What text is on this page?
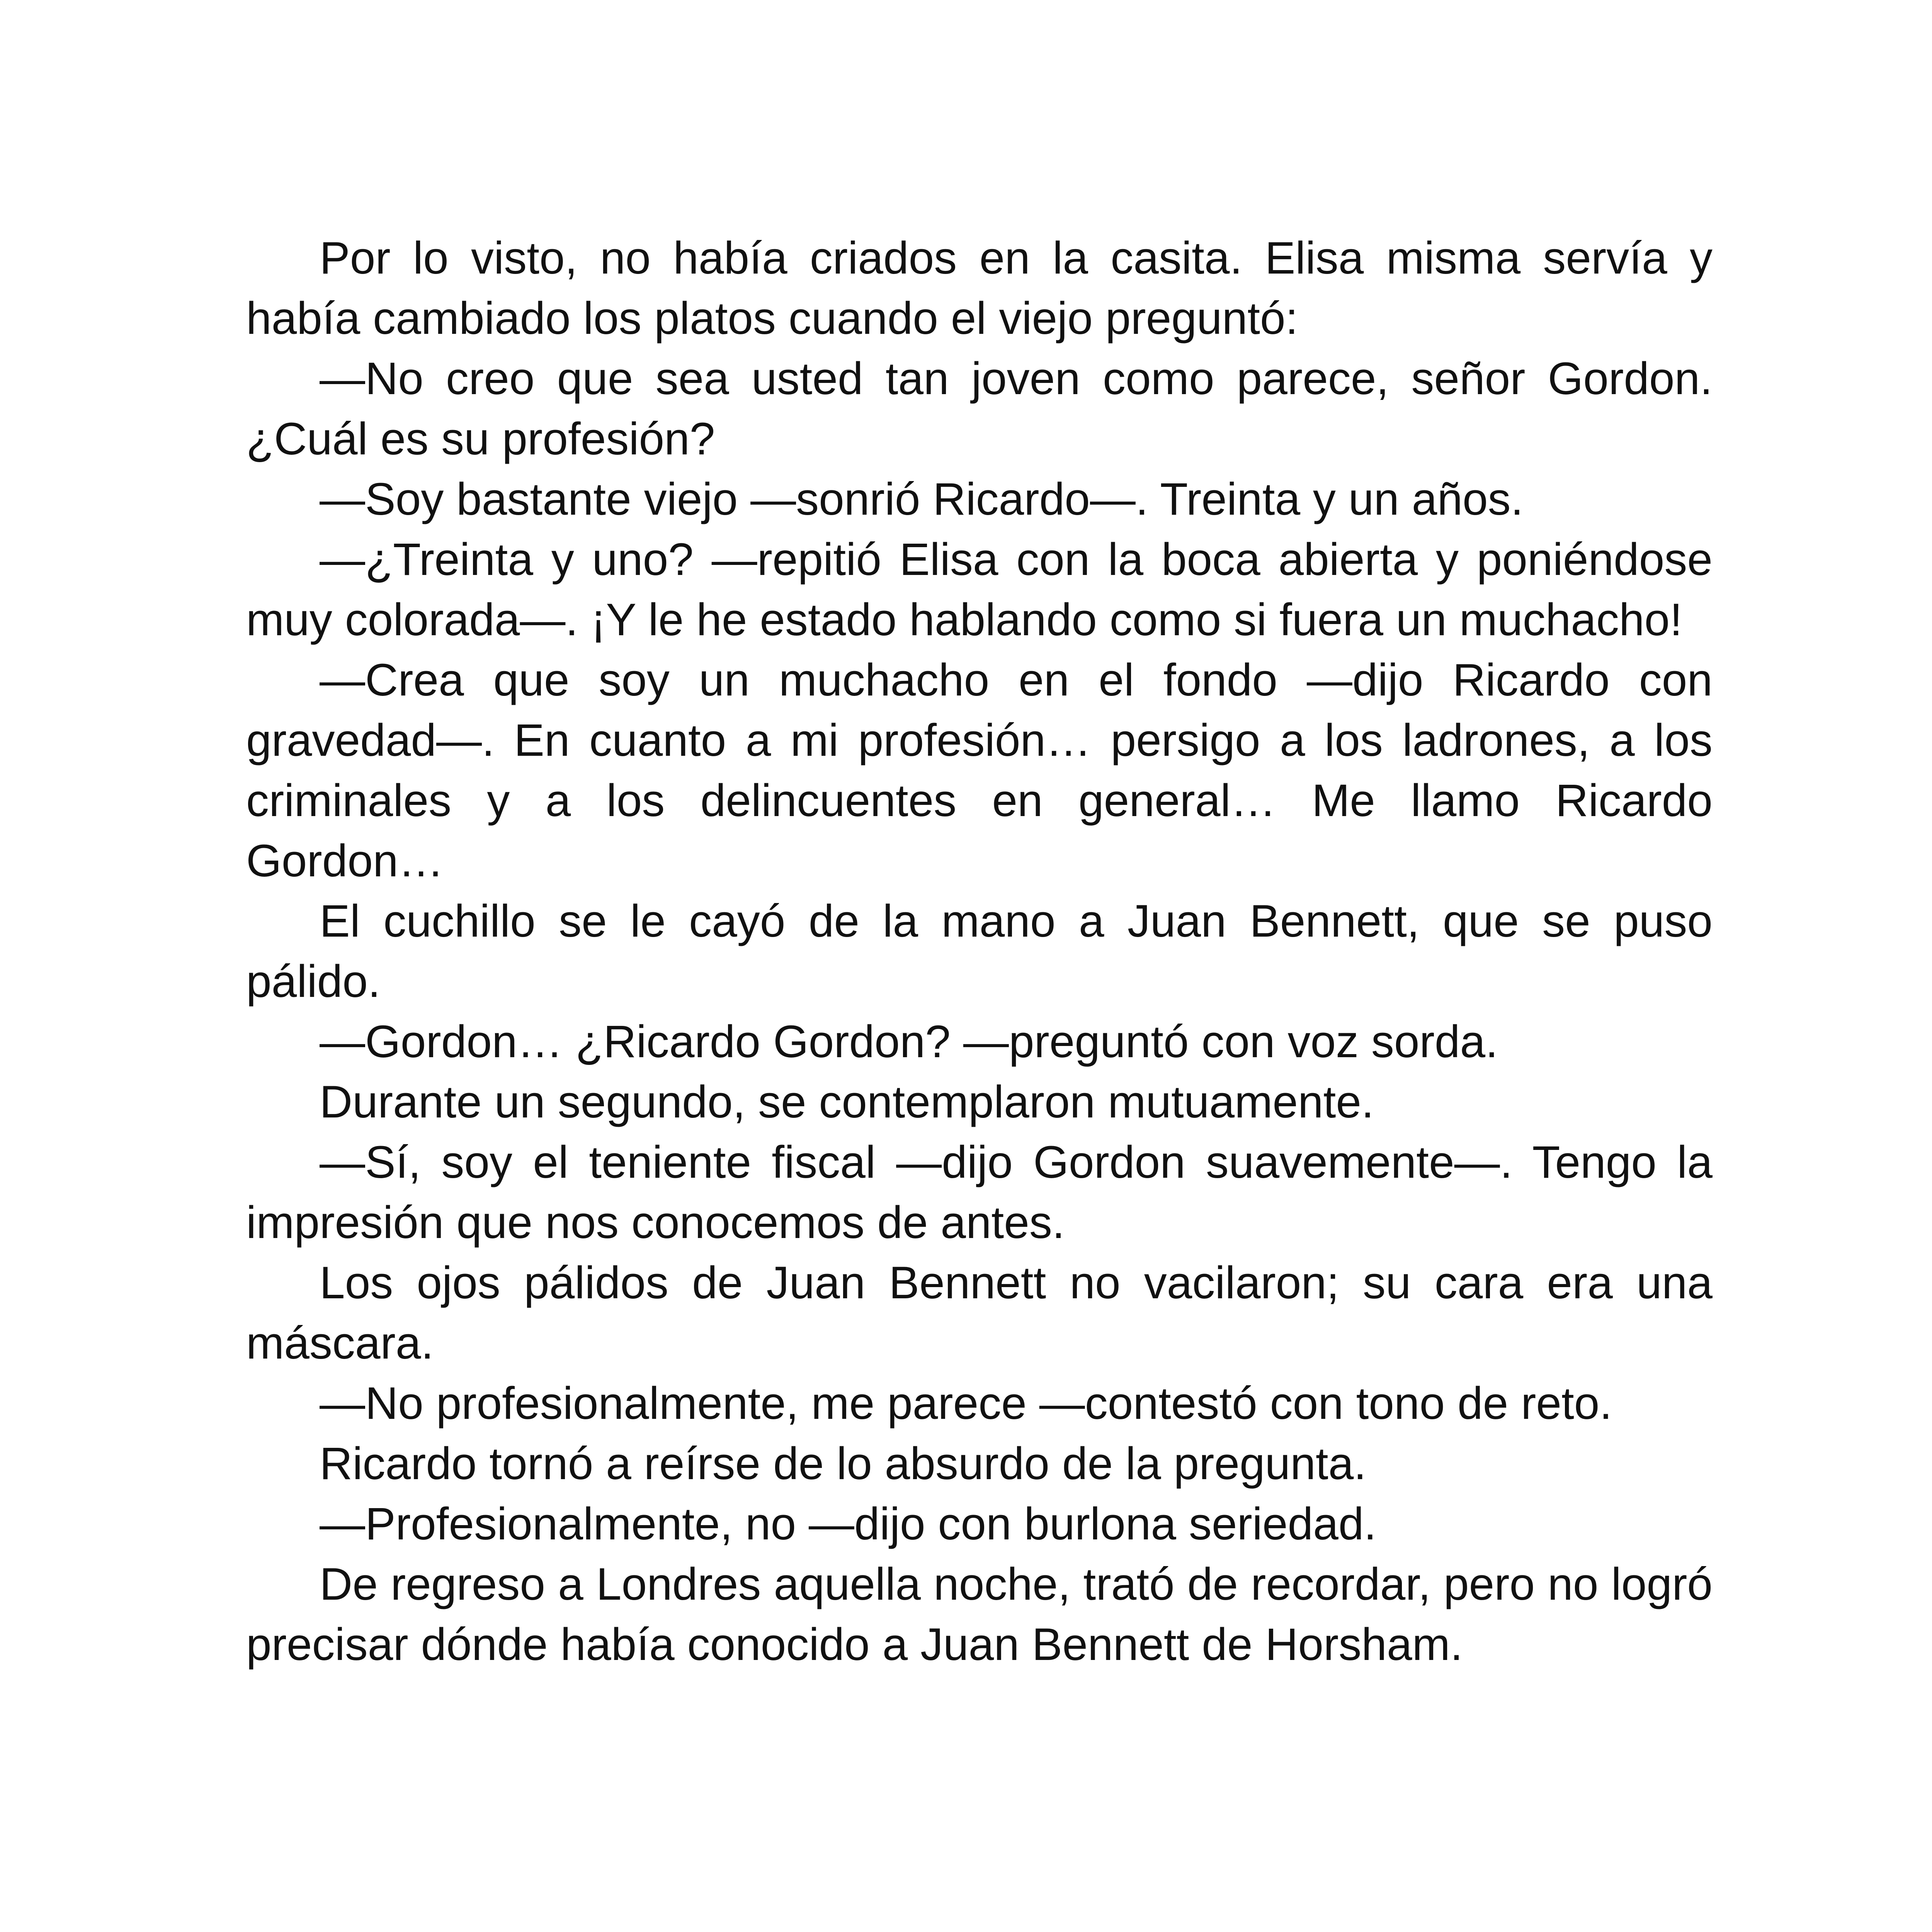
Por lo visto, no había criados en la casita. Elisa misma servía y había cambiado los platos cuando el viejo preguntó:

—No creo que sea usted tan joven como parece, señor Gordon. ¿Cuál es su profesión?

—Soy bastante viejo —sonrió Ricardo—. Treinta y un años.

—¿Treinta y uno? —repitió Elisa con la boca abierta y poniéndose muy colorada—. ¡Y le he estado hablando como si fuera un muchacho!

—Crea que soy un muchacho en el fondo —dijo Ricardo con gravedad—. En cuanto a mi profesión… persigo a los ladrones, a los criminales y a los delincuentes en general… Me llamo Ricardo Gordon…

El cuchillo se le cayó de la mano a Juan Bennett, que se puso pálido.

—Gordon… ¿Ricardo Gordon? —preguntó con voz sorda.

Durante un segundo, se contemplaron mutuamente.

—Sí, soy el teniente fiscal —dijo Gordon suavemente—. Tengo la impresión que nos conocemos de antes.

Los ojos pálidos de Juan Bennett no vacilaron; su cara era una máscara.

—No profesionalmente, me parece —contestó con tono de reto.

Ricardo tornó a reírse de lo absurdo de la pregunta.

—Profesionalmente, no —dijo con burlona seriedad.

De regreso a Londres aquella noche, trató de recordar, pero no logró precisar dónde había conocido a Juan Bennett de Horsham.
